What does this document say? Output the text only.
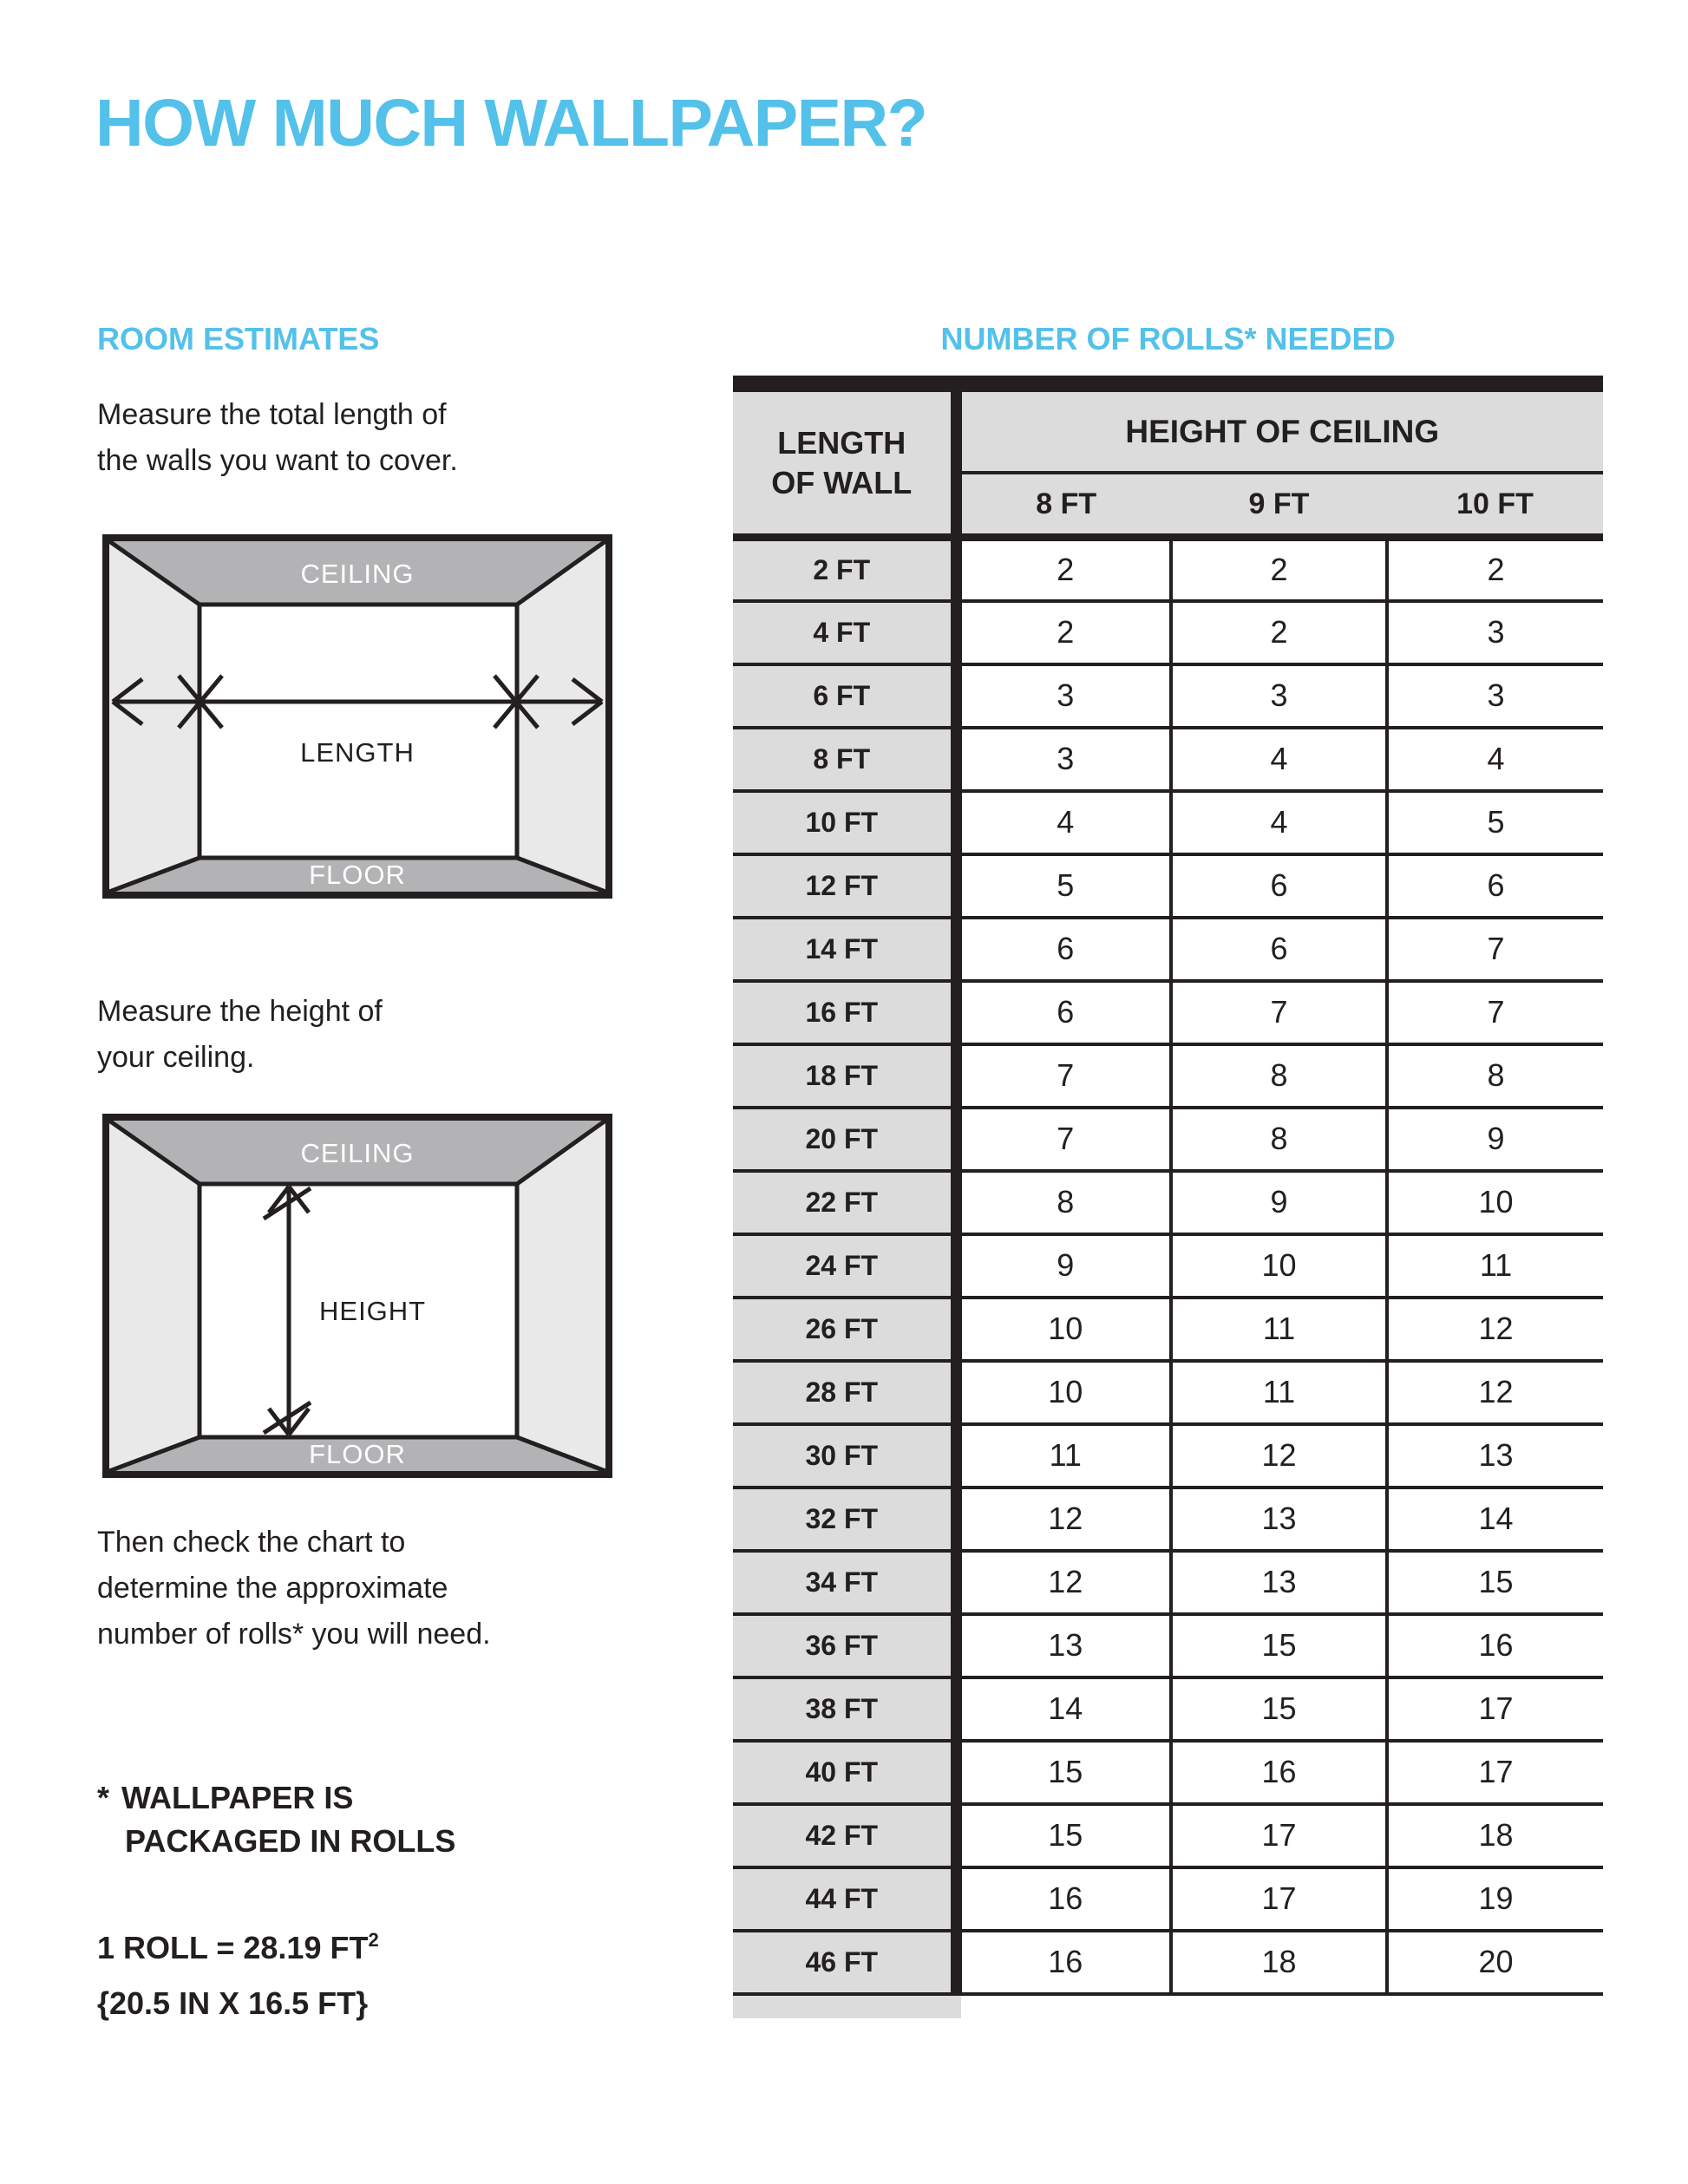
HOW MUCH WALLPAPER?
ROOM ESTIMATES	NUMBER OF ROLLS* NEEDED
Measure the total length of
the walls you want to cover.
CEILING
FLOOR
LENGTH
Measure the height of
your ceiling.
CEILING
FLOOR
HEIGHT
Then check the chart to
determine the approximate
number of rolls* you will need.
* WALLPAPER IS
PACKAGED IN ROLLS
1 ROLL = 28.19 $FT^2$
{20.5 IN X 16.5 FT}
LENGTH
OF WALL	HEIGHT OF CEILING		
	8 FT	9 FT	10 FT
2 FT	2	2	2
4 FT	2	2	3
6 FT	3	3	3
8 FT	3	4	4
10 FT	4	4	5
12 FT	5	6	6
14 FT	6	6	7
16 FT	6	7	7
18 FT	7	8	8
20 FT	7	8	9
22 FT	8	9	10
24 FT	9	10	11
26 FT	10	11	12
28 FT	10	11	12
30 FT	11	12	13
32 FT	12	13	14
34 FT	12	13	15
36 FT	13	15	16
38 FT	14	15	17
40 FT	15	16	17
42 FT	15	17	18
44 FT	16	17	19
46 FT	16	18	20
